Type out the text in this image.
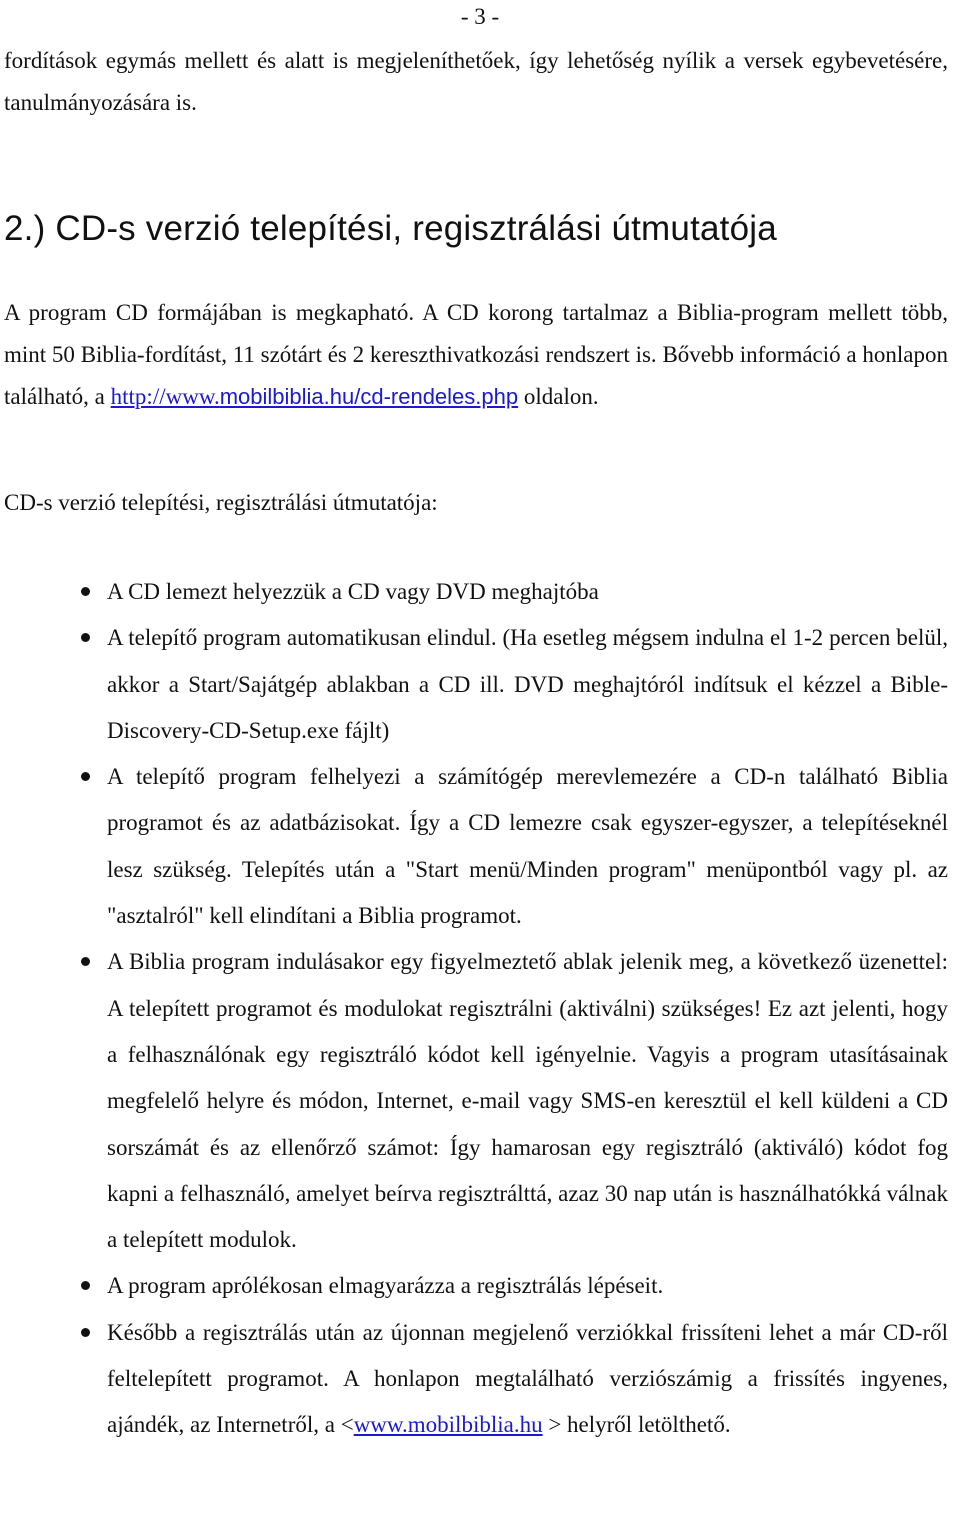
- 3 -

fordítások egymás mellett és alatt is megjeleníthetőek, így lehetőség nyílik a versek egybevetésére, tanulmányozására is.

2.) CD-s verzió telepítési, regisztrálási útmutatója

A program CD formájában is megkapható. A CD korong tartalmaz a Biblia-program mellett több, mint 50 Biblia-fordítást, 11 szótárt és 2 kereszthivatkozási rendszert is. Bővebb információ a honlapon található, a http://www.mobilbiblia.hu/cd-rendeles.php oldalon.

CD-s verzió telepítési, regisztrálási útmutatója:

A CD lemezt helyezzük a CD vagy DVD meghajtóba
A telepítő program automatikusan elindul. (Ha esetleg mégsem indulna el 1-2 percen belül, akkor a Start/Sajátgép ablakban a CD ill. DVD meghajtóról indítsuk el kézzel a Bible-Discovery-CD-Setup.exe fájlt)
A telepítő program felhelyezi a számítógép merevlemezére a CD-n található Biblia programot és az adatbázisokat. Így a CD lemezre csak egyszer-egyszer, a telepítéseknél lesz szükség. Telepítés után a "Start menü/Minden program" menüpontból vagy pl. az "asztalról" kell elindítani a Biblia programot.
A Biblia program indulásakor egy figyelmeztető ablak jelenik meg, a következő üzenettel: A telepített programot és modulokat regisztrálni (aktiválni) szükséges! Ez azt jelenti, hogy a felhasználónak egy regisztráló kódot kell igényelnie. Vagyis a program utasításainak megfelelő helyre és módon, Internet, e-mail vagy SMS-en keresztül el kell küldeni a CD sorszámát és az ellenőrző számot: Így hamarosan egy regisztráló (aktiváló) kódot fog kapni a felhasználó, amelyet beírva regisztrálttá, azaz 30 nap után is használhatókká válnak a telepített modulok.
A program aprólékosan elmagyarázza a regisztrálás lépéseit.
Később a regisztrálás után az újonnan megjelenő verziókkal frissíteni lehet a már CD-ről feltelepített programot. A honlapon megtalálható verziószámig a frissítés ingyenes, ajándék, az Internetről, a <www.mobilbiblia.hu > helyről letölthető.
